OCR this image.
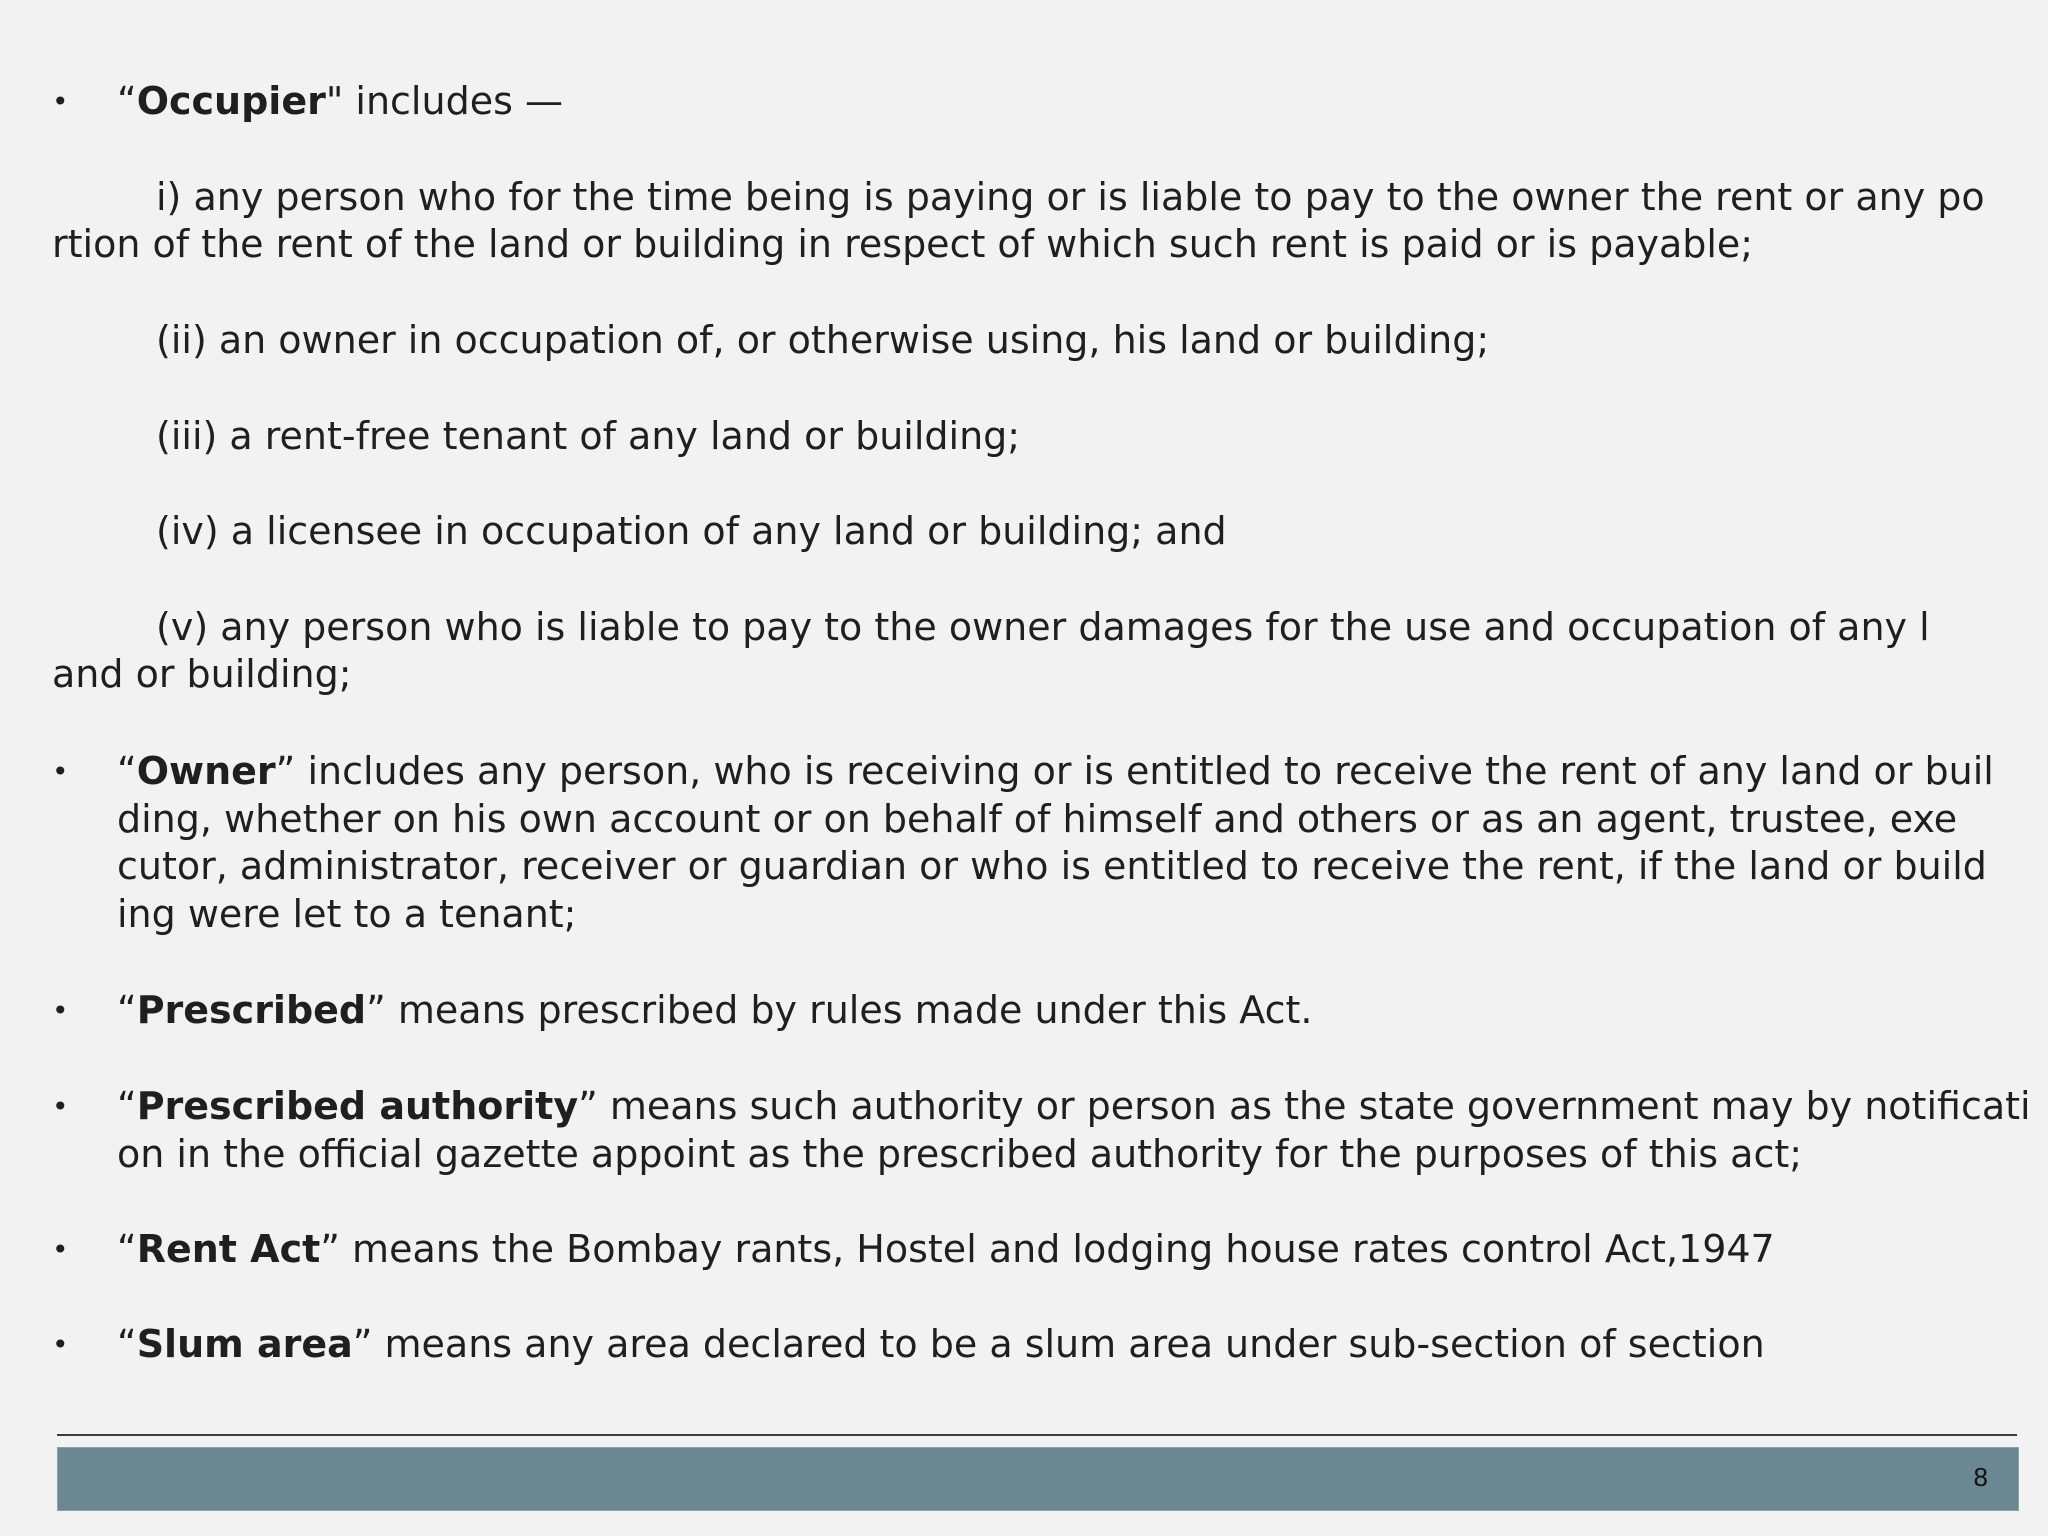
• “Occupier" includes —
i) any person who for the time being is paying or is liable to pay to the owner the rent or any po
rtion of the rent of the land or building in respect of which such rent is paid or is payable;
(ii) an owner in occupation of, or otherwise using, his land or building;
(iii) a rent-free tenant of any land or building;
(iv) a licensee in occupation of any land or building; and
(v) any person who is liable to pay to the owner damages for the use and occupation of any l
and or building;
• “Owner” includes any person, who is receiving or is entitled to receive the rent of any land or buil
ding, whether on his own account or on behalf of himself and others or as an agent, trustee, exe
cutor, administrator, receiver or guardian or who is entitled to receive the rent, if the land or build
ing were let to a tenant;
• “Prescribed” means prescribed by rules made under this Act.
• “Prescribed authority” means such authority or person as the state government may by notificati
on in the official gazette appoint as the prescribed authority for the purposes of this act;
• “Rent Act” means the Bombay rants, Hostel and lodging house rates control Act,1947
• “Slum area” means any area declared to be a slum area under sub-section of section
8
